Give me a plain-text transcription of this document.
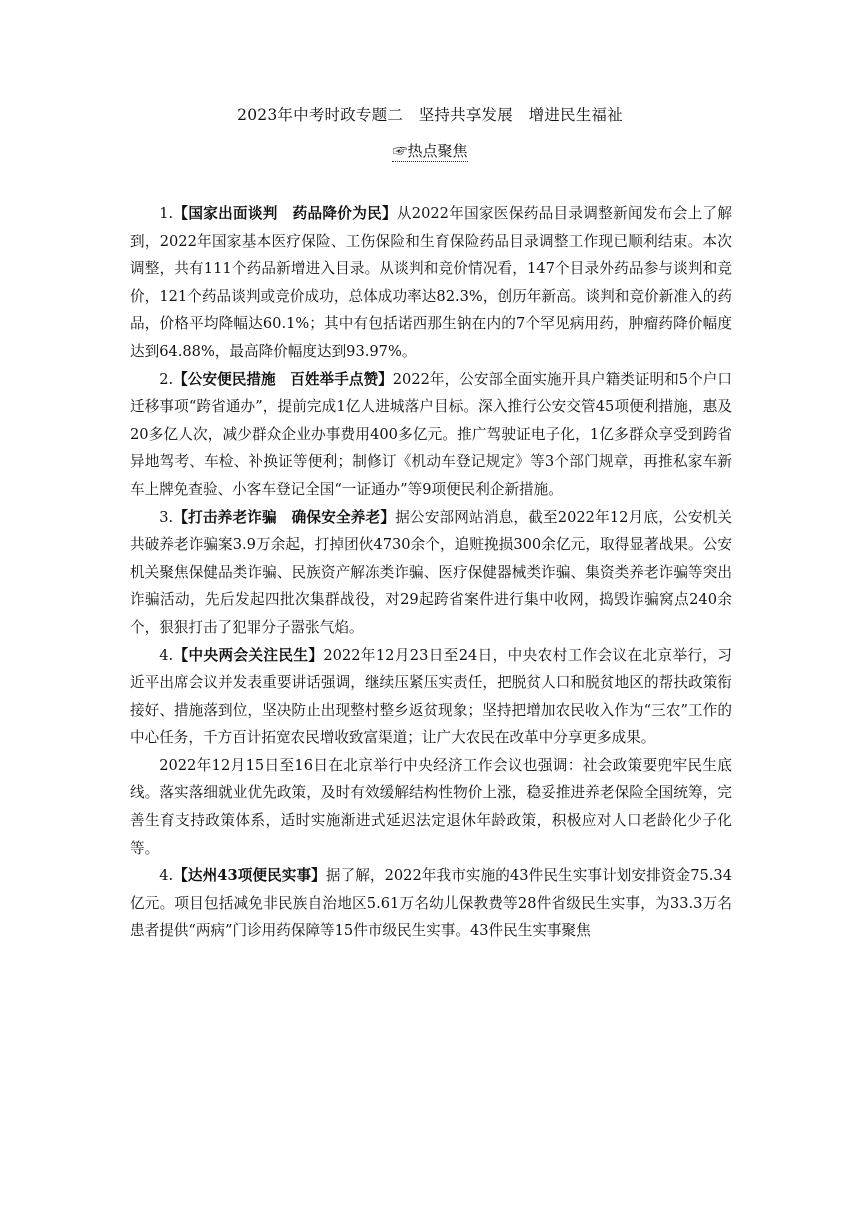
2023年中考时政专题二　坚持共享发展　增进民生福祉
☞热点聚焦

1.【国家出面谈判　药品降价为民】从2022年国家医保药品目录调整新闻发布会上了解到，2022年国家基本医疗保险、工伤保险和生育保险药品目录调整工作现已顺利结束。本次调整，共有111个药品新增进入目录。从谈判和竞价情况看，147个目录外药品参与谈判和竞价，121个药品谈判或竞价成功，总体成功率达82.3%，创历年新高。谈判和竞价新准入的药品，价格平均降幅达60.1%；其中有包括诺西那生钠在内的7个罕见病用药，肿瘤药降价幅度达到64.88%，最高降价幅度达到93.97%。

2.【公安便民措施　百姓举手点赞】2022年，公安部全面实施开具户籍类证明和5个户口迁移事项“跨省通办”，提前完成1亿人进城落户目标。深入推行公安交管45项便利措施，惠及20多亿人次，减少群众企业办事费用400多亿元。推广驾驶证电子化，1亿多群众享受到跨省异地驾考、车检、补换证等便利；制修订《机动车登记规定》等3个部门规章，再推私家车新车上牌免查验、小客车登记全国“一证通办”等9项便民利企新措施。

3.【打击养老诈骗　确保安全养老】据公安部网站消息，截至2022年12月底，公安机关共破养老诈骗案3.9万余起，打掉团伙4730余个，追赃挽损300余亿元，取得显著战果。公安机关聚焦保健品类诈骗、民族资产解冻类诈骗、医疗保健器械类诈骗、集资类养老诈骗等突出诈骗活动，先后发起四批次集群战役，对29起跨省案件进行集中收网，捣毁诈骗窝点240余个，狠狠打击了犯罪分子嚣张气焰。

4.【中央两会关注民生】2022年12月23日至24日，中央农村工作会议在北京举行，习近平出席会议并发表重要讲话强调，继续压紧压实责任，把脱贫人口和脱贫地区的帮扶政策衔接好、措施落到位，坚决防止出现整村整乡返贫现象；坚持把增加农民收入作为“三农”工作的中心任务，千方百计拓宽农民增收致富渠道；让广大农民在改革中分享更多成果。

2022年12月15日至16日在北京举行中央经济工作会议也强调：社会政策要兜牢民生底线。落实落细就业优先政策，及时有效缓解结构性物价上涨，稳妥推进养老保险全国统筹，完善生育支持政策体系，适时实施渐进式延迟法定退休年龄政策，积极应对人口老龄化少子化等。

4.【达州43项便民实事】据了解，2022年我市实施的43件民生实事计划安排资金75.34亿元。项目包括减免非民族自治地区5.61万名幼儿保教费等28件省级民生实事，为33.3万名患者提供“两病”门诊用药保障等15件市级民生实事。43件民生实事聚焦
